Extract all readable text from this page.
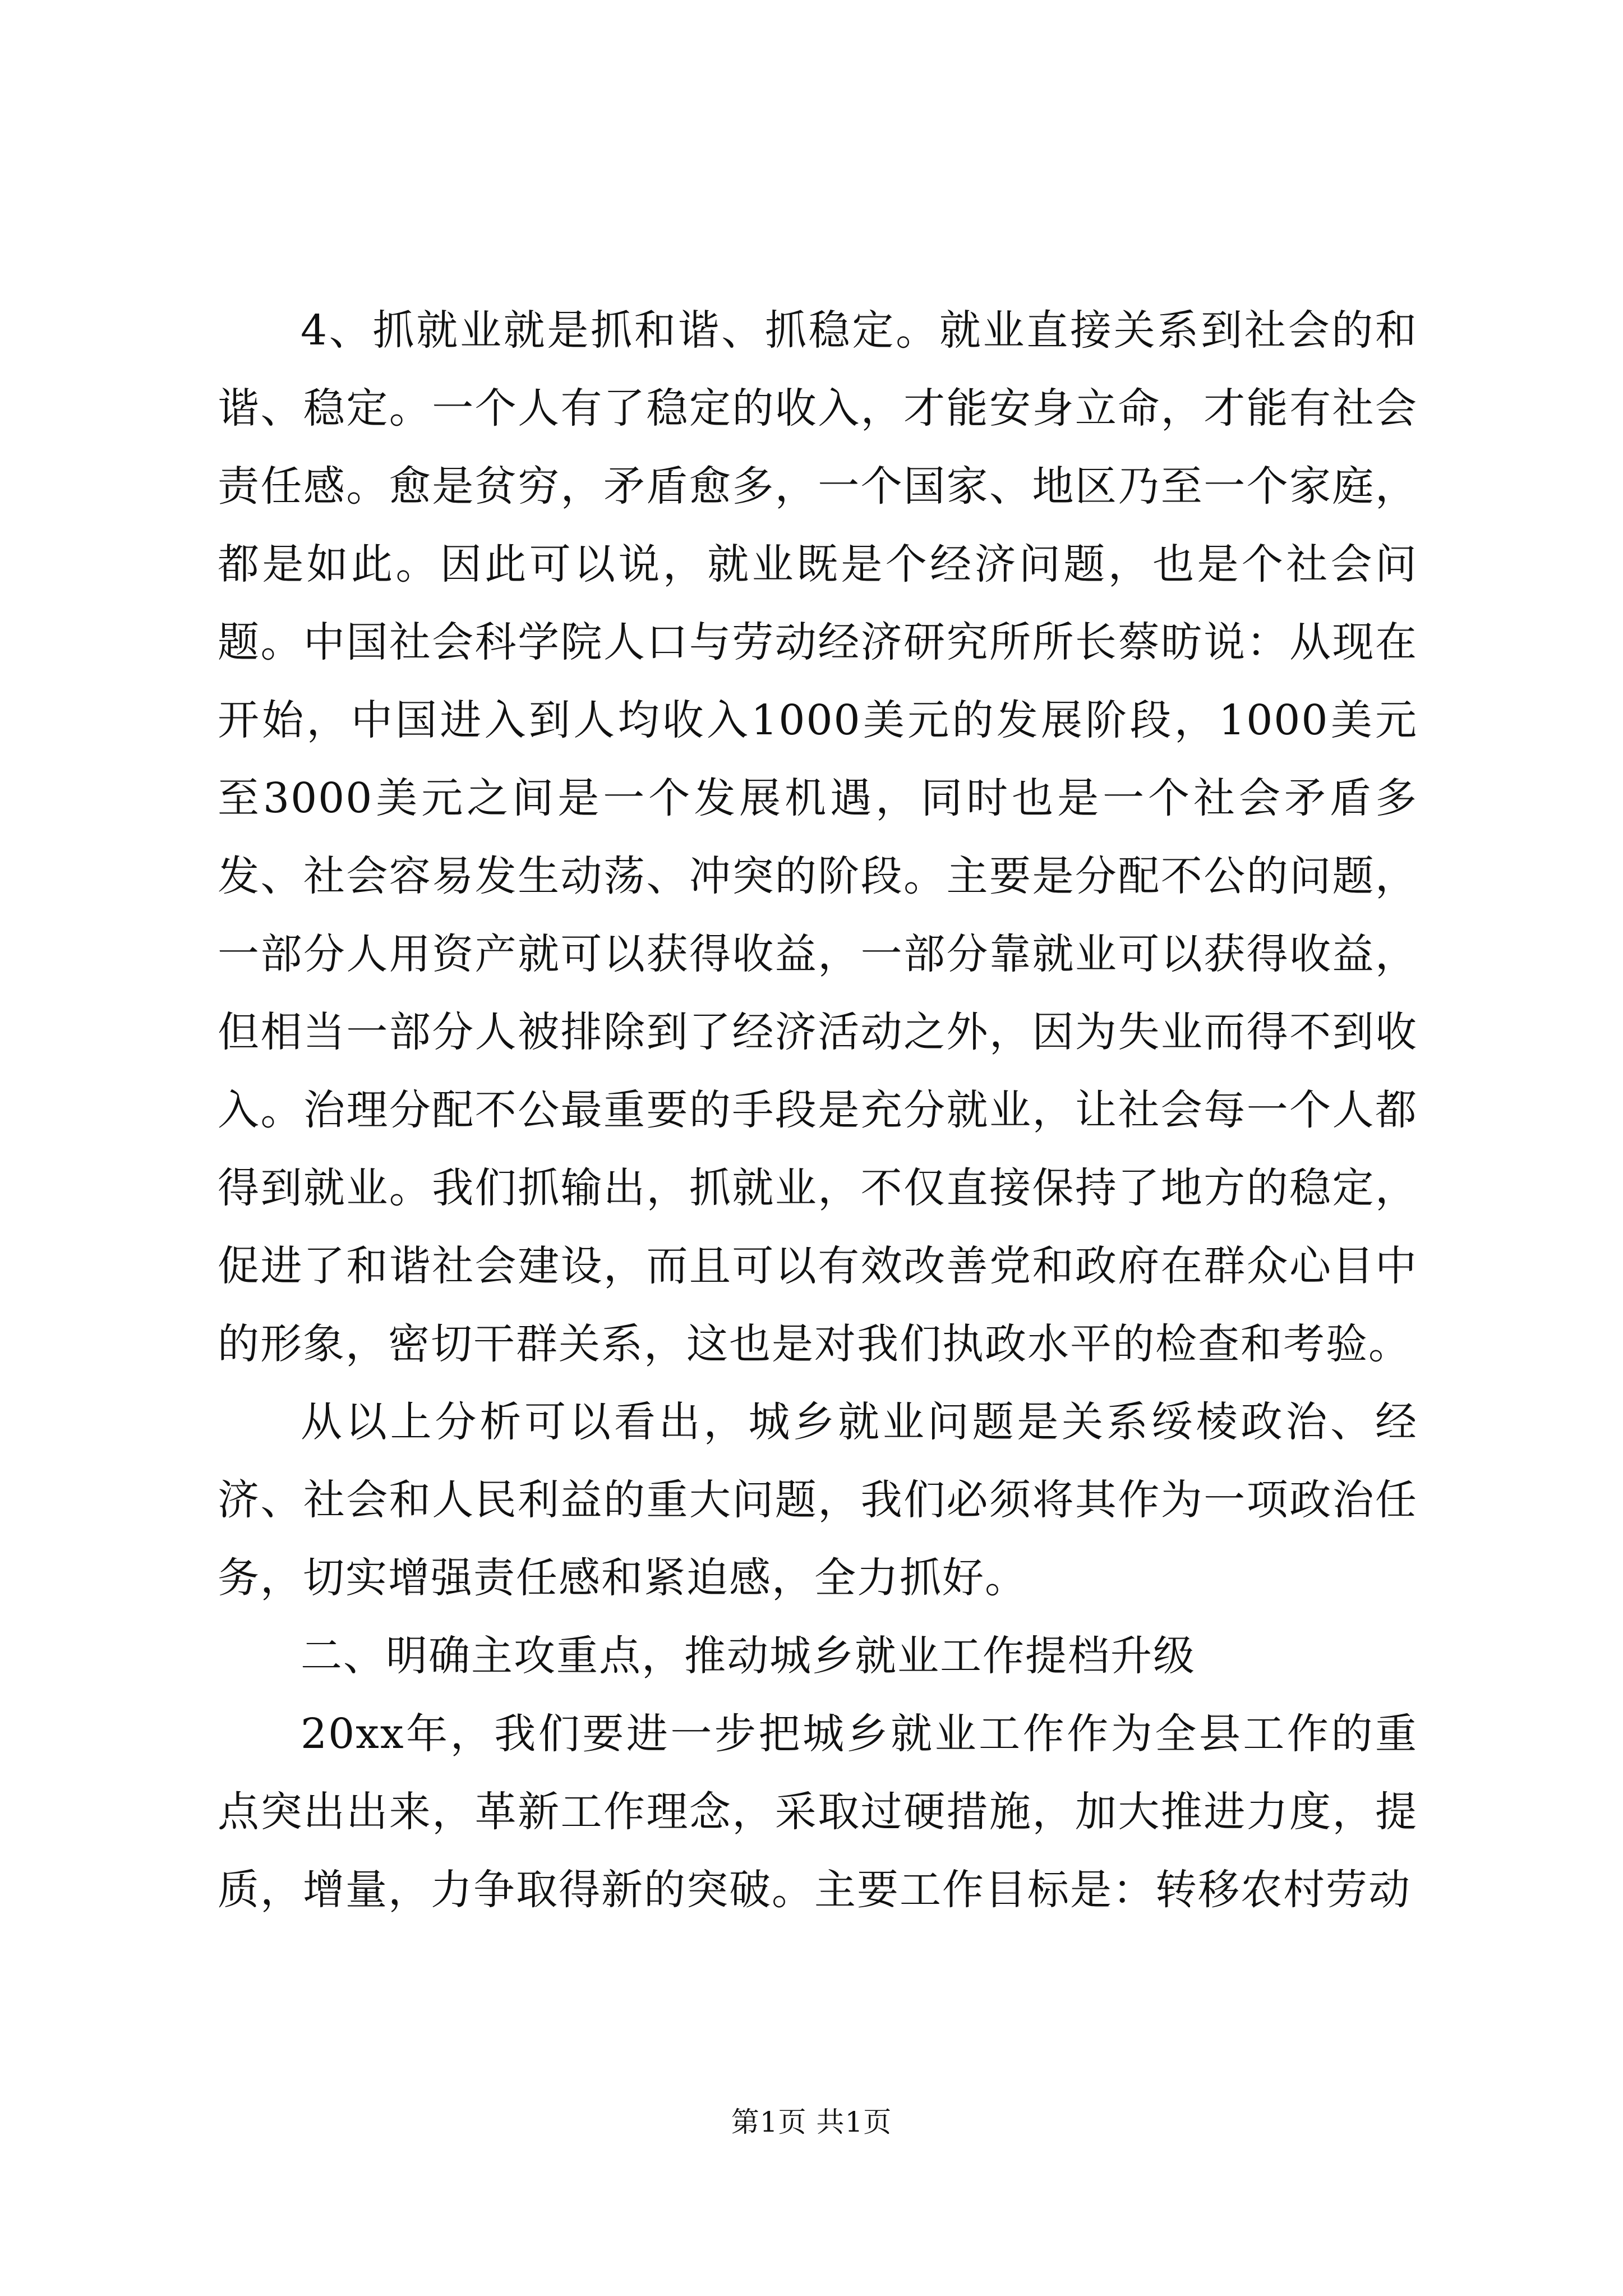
4、抓就业就是抓和谐、抓稳定。就业直接关系到社会的和谐、稳定。一个人有了稳定的收入，才能安身立命，才能有社会责任感。愈是贫穷，矛盾愈多，一个国家、地区乃至一个家庭，都是如此。因此可以说，就业既是个经济问题，也是个社会问题。中国社会科学院人口与劳动经济研究所所长蔡昉说：从现在开始，中国进入到人均收入1000美元的发展阶段，1000美元至3000美元之间是一个发展机遇，同时也是一个社会矛盾多发、社会容易发生动荡、冲突的阶段。主要是分配不公的问题，一部分人用资产就可以获得收益，一部分靠就业可以获得收益，但相当一部分人被排除到了经济活动之外，因为失业而得不到收入。治理分配不公最重要的手段是充分就业，让社会每一个人都得到就业。我们抓输出，抓就业，不仅直接保持了地方的稳定，促进了和谐社会建设，而且可以有效改善党和政府在群众心目中的形象，密切干群关系，这也是对我们执政水平的检查和考验。

从以上分析可以看出，城乡就业问题是关系绥棱政治、经济、社会和人民利益的重大问题，我们必须将其作为一项政治任务，切实增强责任感和紧迫感，全力抓好。

二、明确主攻重点，推动城乡就业工作提档升级

20xx年，我们要进一步把城乡就业工作作为全县工作的重点突出出来，革新工作理念，采取过硬措施，加大推进力度，提质，增量，力争取得新的突破。主要工作目标是：转移农村劳动

第1页 共1页
